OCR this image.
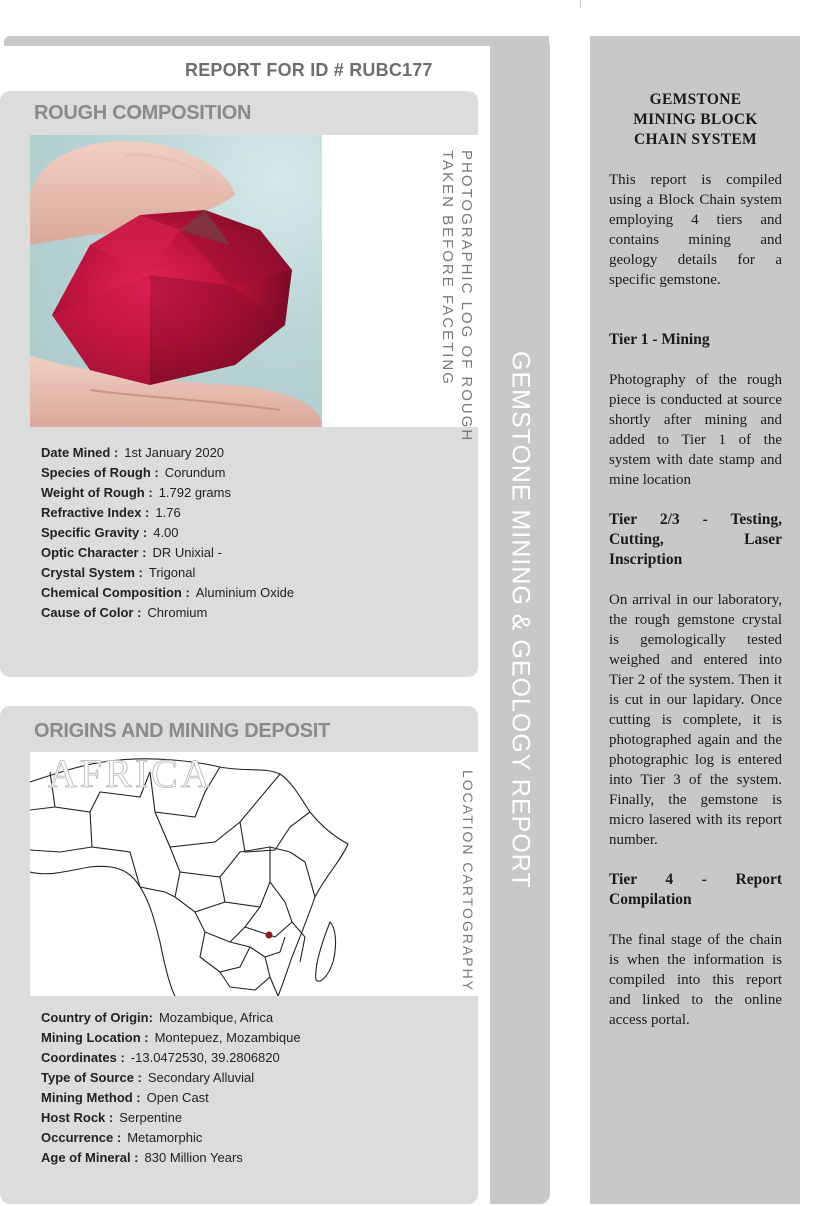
GEMSTONE MINING & GEOLOGY REPORT
REPORT FOR ID # RUBC177
ROUGH COMPOSITION
PHOTOGRAPHIC LOG OF ROUGH
TAKEN BEFORE FACETING
Date Mined : 1st January 2020
Species of Rough : Corundum
Weight of Rough : 1.792 grams
Refractive Index : 1.76
Specific Gravity : 4.00
Optic Character : DR Unixial -
Crystal System : Trigonal
Chemical Composition : Aluminium Oxide
Cause of Color : Chromium
ORIGINS AND MINING DEPOSIT
AFRICA	LOCATION CARTOGRAPHY
Country of Origin: Mozambique, Africa
Mining Location : Montepuez, Mozambique
Coordinates : -13.0472530, 39.2806820
Type of Source : Secondary Alluvial
Mining Method : Open Cast
Host Rock : Serpentine
Occurrence : Metamorphic
Age of Mineral : 830 Million Years
GEMSTONE MINING BLOCK CHAIN SYSTEM

This report is compiled using a Block Chain system employing 4 tiers and contains mining and geology details for a specific gemstone.

Tier 1 - Mining

Photography of the rough piece is conducted at source shortly after mining and added to Tier 1 of the system with date stamp and mine location

Tier 2/3 - Testing, Cutting, Laser Inscription

On arrival in our laboratory, the rough gemstone crystal is gemologically tested weighed and entered into Tier 2 of the system. Then it is cut in our lapidary. Once cutting is complete, it is photographed again and the photographic log is entered into Tier 3 of the system. Finally, the gemstone is micro lasered with its report number.

Tier 4 - Report Compilation

The final stage of the chain is when the information is compiled into this report and linked to the online access portal.
